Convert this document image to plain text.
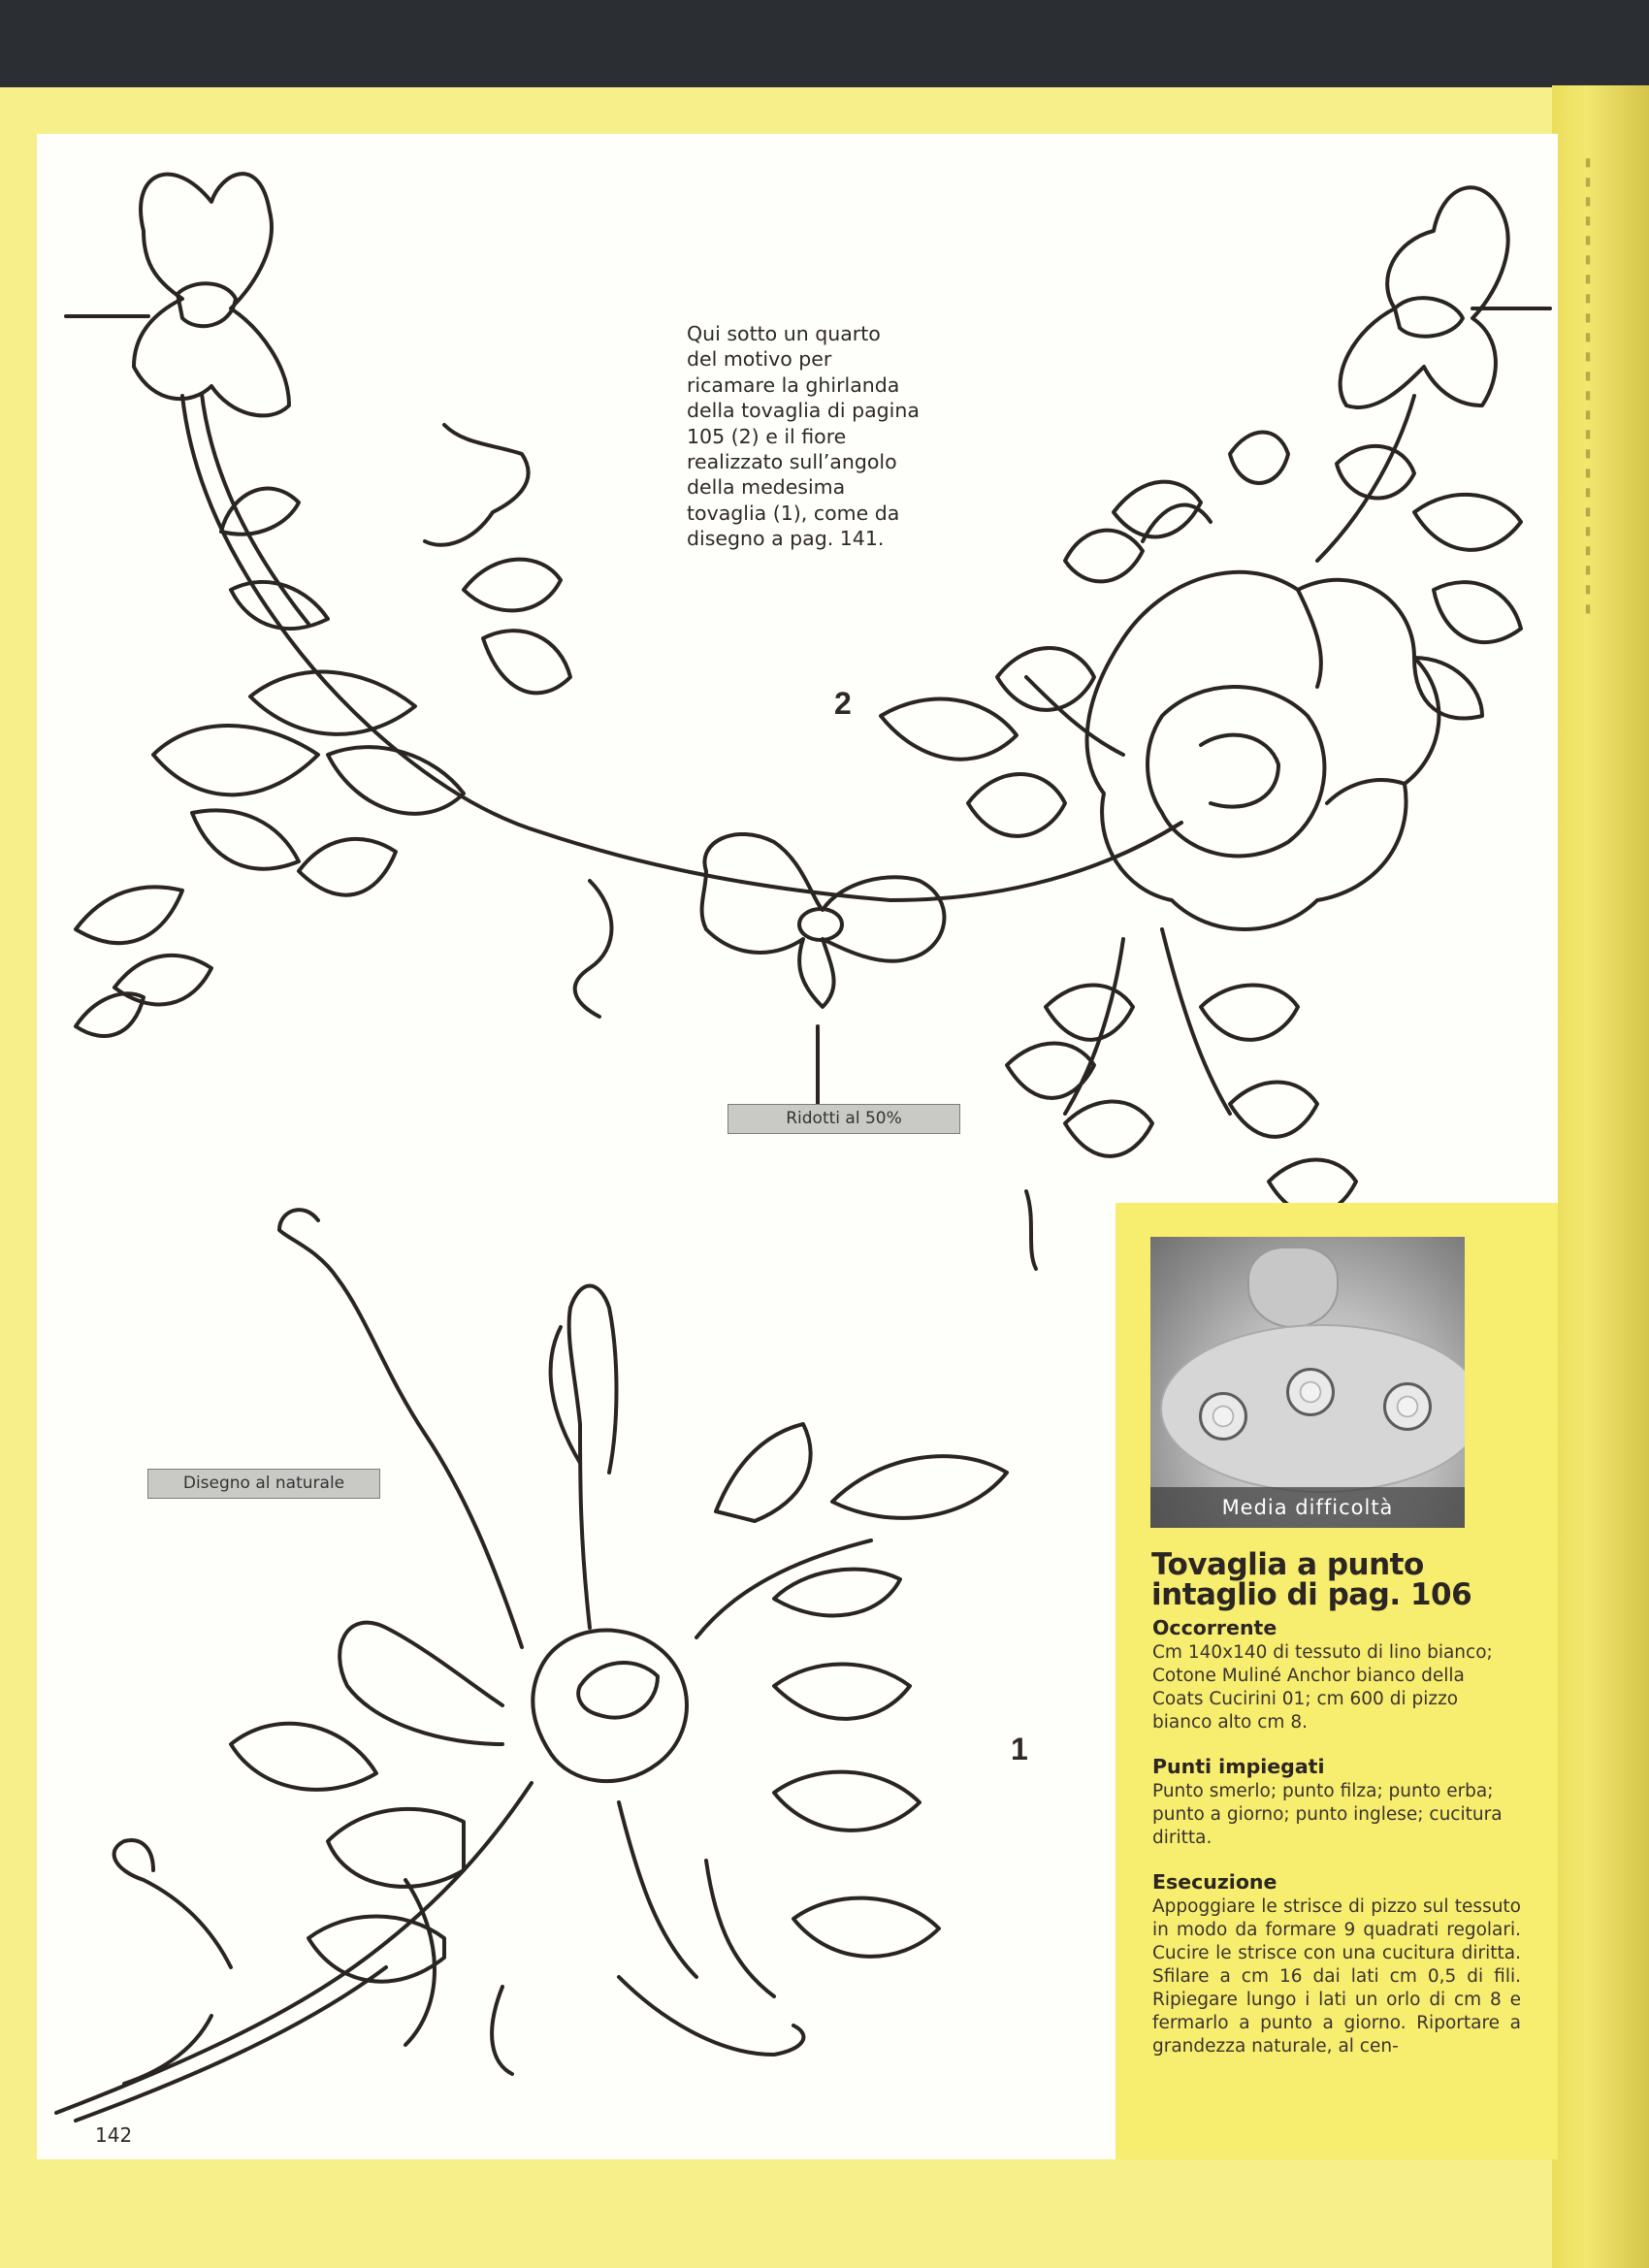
▮▮▮▮▮▮▮▮▮▮▮▮▮▮▮▮▮▮▮▮▮▮▮▮
Qui sotto un quarto
del motivo per
ricamare la ghirlanda
della tovaglia di pagina
105 (2) e il fiore
realizzato sull’angolo
della medesima
tovaglia (1), come da
disegno a pag. 141.
2
1
Ridotti al 50%
Disegno al naturale
142
Media difficoltà
Tovaglia a punto intaglio di pag. 106
Occorrente
Cm 140x140 di tessuto di lino bianco; Cotone Muliné Anchor bianco della Coats Cucirini 01; cm 600 di pizzo bianco alto cm 8.
Punti impiegati
Punto smerlo; punto filza; punto erba; punto a giorno; punto inglese; cucitura diritta.
Esecuzione
Appoggiare le strisce di pizzo sul tessuto in modo da formare 9 quadrati regolari. Cucire le strisce con una cucitura diritta. Sfilare a cm 16 dai lati cm 0,5 di fili. Ripiegare lungo i lati un orlo di cm 8 e fermarlo a punto a giorno. Riportare a grandezza naturale, al cen-
